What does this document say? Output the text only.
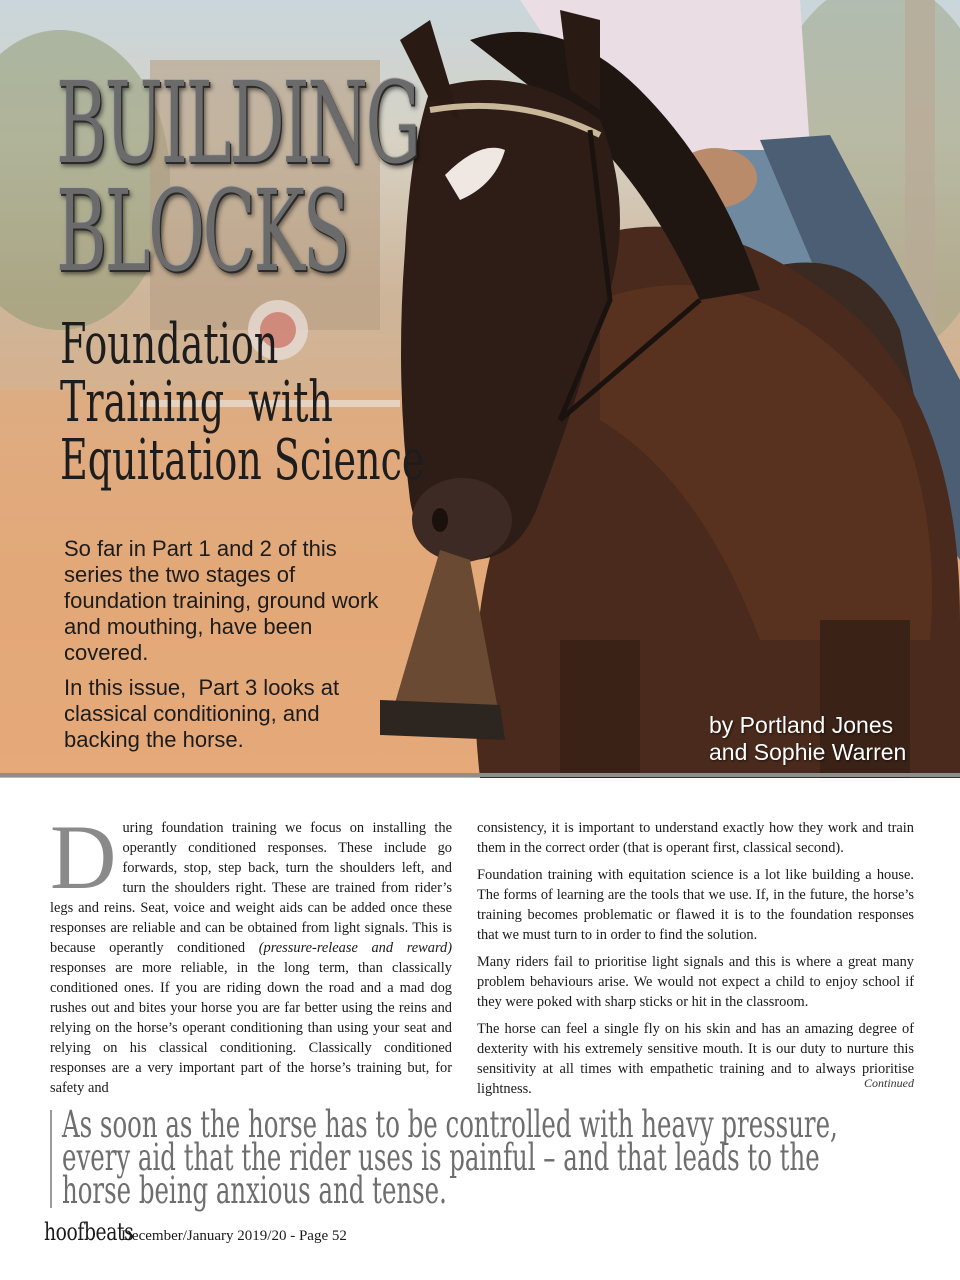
BUILDING
BLOCKS
Foundation
Training  with
Equitation Science

So far in Part 1 and 2 of this series the two stages of foundation training, ground work and mouthing, have been covered.

In this issue,  Part 3 looks at classical conditioning, and backing the horse.

by Portland Jones
and Sophie Warren

During foundation training we focus on installing the operantly conditioned responses. These include go forwards, stop, step back, turn the shoulders left, and turn the shoulders right. These are trained from rider’s legs and reins. Seat, voice and weight aids can be added once these responses are reliable and can be obtained from light signals. This is because operantly conditioned (pressure-release and reward) responses are more reliable, in the long term, than classically conditioned ones. If you are riding down the road and a mad dog rushes out and bites your horse you are far better using the reins and relying on the horse’s operant conditioning than using your seat and relying on his classical conditioning. Classically conditioned responses are a very important part of the horse’s training but, for safety and

consistency, it is important to understand exactly how they work and train them in the correct order (that is operant first, classical second).

Foundation training with equitation science is a lot like building a house. The forms of learning are the tools that we use. If, in the future, the horse’s training becomes problematic or flawed it is to the foundation responses that we must turn to in order to find the solution.

Many riders fail to prioritise light signals and this is where a great many problem behaviours arise. We would not expect a child to enjoy school if they were poked with sharp sticks or hit in the classroom.

The horse can feel a single fly on his skin and has an amazing degree of dexterity with his extremely sensitive mouth. It is our duty to nurture this sensitivity at all times with empathetic training and to always prioritise lightness.	Continued
As soon as the horse has to be controlled with heavy pressure,
every aid that the rider uses is painful – and that leads to the
horse being anxious and tense.
hoofbeats December/January 2019/20 - Page 52
